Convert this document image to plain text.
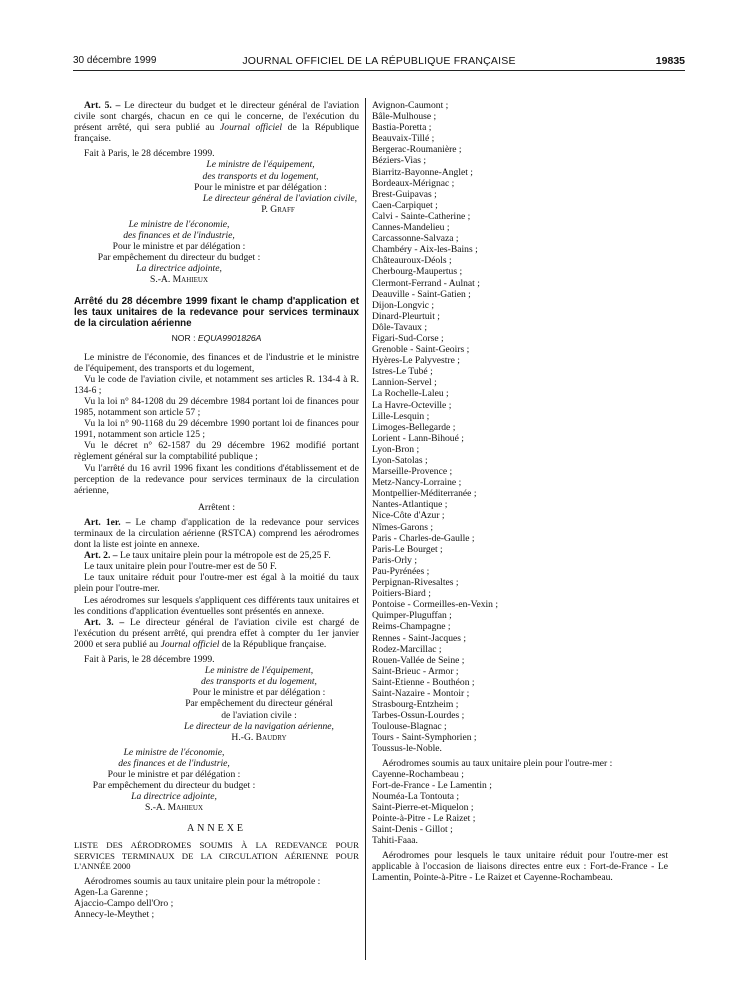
30 décembre 1999	JOURNAL OFFICIEL DE LA RÉPUBLIQUE FRANÇAISE	19835

Art. 5. – Le directeur du budget et le directeur général de l'aviation civile sont chargés, chacun en ce qui le concerne, de l'exécution du présent arrêté, qui sera publié au Journal officiel de la République française.

Fait à Paris, le 28 décembre 1999.

Le ministre de l'équipement,

des transports et du logement,

Pour le ministre et par délégation :

Le directeur général de l'aviation civile,

P. Graff

Le ministre de l'économie,

des finances et de l'industrie,

Pour le ministre et par délégation :

Par empêchement du directeur du budget :

La directrice adjointe,

S.-A. Mahieux

Arrêté du 28 décembre 1999 fixant le champ d'application et les taux unitaires de la redevance pour services terminaux de la circulation aérienne

NOR : EQUA9901826A

Le ministre de l'économie, des finances et de l'industrie et le ministre de l'équipement, des transports et du logement,

Vu le code de l'aviation civile, et notamment ses articles R. 134-4 à R. 134-6 ;

Vu la loi n° 84-1208 du 29 décembre 1984 portant loi de finances pour 1985, notamment son article 57 ;

Vu la loi n° 90-1168 du 29 décembre 1990 portant loi de finances pour 1991, notamment son article 125 ;

Vu le décret n° 62-1587 du 29 décembre 1962 modifié portant règlement général sur la comptabilité publique ;

Vu l'arrêté du 16 avril 1996 fixant les conditions d'établissement et de perception de la redevance pour services terminaux de la circulation aérienne,

Arrêtent :

Art. 1er. – Le champ d'application de la redevance pour services terminaux de la circulation aérienne (RSTCA) comprend les aérodromes dont la liste est jointe en annexe.

Art. 2. – Le taux unitaire plein pour la métropole est de 25,25 F.

Le taux unitaire plein pour l'outre-mer est de 50 F.

Le taux unitaire réduit pour l'outre-mer est égal à la moitié du taux plein pour l'outre-mer.

Les aérodromes sur lesquels s'appliquent ces différents taux unitaires et les conditions d'application éventuelles sont présentés en annexe.

Art. 3. – Le directeur général de l'aviation civile est chargé de l'exécution du présent arrêté, qui prendra effet à compter du 1er janvier 2000 et sera publié au Journal officiel de la République française.

Fait à Paris, le 28 décembre 1999.

Le ministre de l'équipement,

des transports et du logement,

Pour le ministre et par délégation :

Par empêchement du directeur général

de l'aviation civile :

Le directeur de la navigation aérienne,

H.-G. Baudry

Le ministre de l'économie,

des finances et de l'industrie,

Pour le ministre et par délégation :

Par empêchement du directeur du budget :

La directrice adjointe,

S.-A. Mahieux

ANNEXE

LISTE DES AÉRODROMES SOUMIS À LA REDEVANCE POUR SERVICES TERMINAUX DE LA CIRCULATION AÉRIENNE POUR L'ANNÉE 2000

Aérodromes soumis au taux unitaire plein pour la métropole :

Agen-La Garenne ;
Ajaccio-Campo dell'Oro ;
Annecy-le-Meythet ;
Avignon-Caumont ;
Bâle-Mulhouse ;
Bastia-Poretta ;
Beauvaix-Tillé ;
Bergerac-Roumanière ;
Béziers-Vias ;
Biarritz-Bayonne-Anglet ;
Bordeaux-Mérignac ;
Brest-Guipavas ;
Caen-Carpiquet ;
Calvi - Sainte-Catherine ;
Cannes-Mandelieu ;
Carcassonne-Salvaza ;
Chambéry - Aix-les-Bains ;
Châteauroux-Déols ;
Cherbourg-Maupertus ;
Clermont-Ferrand - Aulnat ;
Deauville - Saint-Gatien ;
Dijon-Longvic ;
Dinard-Pleurtuit ;
Dôle-Tavaux ;
Figari-Sud-Corse ;
Grenoble - Saint-Geoirs ;
Hyères-Le Palyvestre ;
Istres-Le Tubé ;
Lannion-Servel ;
La Rochelle-Laleu ;
La Havre-Octeville ;
Lille-Lesquin ;
Limoges-Bellegarde ;
Lorient - Lann-Bihoué ;
Lyon-Bron ;
Lyon-Satolas ;
Marseille-Provence ;
Metz-Nancy-Lorraine ;
Montpellier-Méditerranée ;
Nantes-Atlantique ;
Nice-Côte d'Azur ;
Nîmes-Garons ;
Paris - Charles-de-Gaulle ;
Paris-Le Bourget ;
Paris-Orly ;
Pau-Pyrénées ;
Perpignan-Rivesaltes ;
Poitiers-Biard ;
Pontoise - Cormeilles-en-Vexin ;
Quimper-Pluguffan ;
Reims-Champagne ;
Rennes - Saint-Jacques ;
Rodez-Marcillac ;
Rouen-Vallée de Seine ;
Saint-Brieuc - Armor ;
Saint-Etienne - Bouthéon ;
Saint-Nazaire - Montoir ;
Strasbourg-Entzheim ;
Tarbes-Ossun-Lourdes ;
Toulouse-Blagnac ;
Tours - Saint-Symphorien ;
Toussus-le-Noble.

Aérodromes soumis au taux unitaire plein pour l'outre-mer :

Cayenne-Rochambeau ;
Fort-de-France - Le Lamentin ;
Nouméa-La Tontouta ;
Saint-Pierre-et-Miquelon ;
Pointe-à-Pitre - Le Raizet ;
Saint-Denis - Gillot ;
Tahiti-Faaa.

Aérodromes pour lesquels le taux unitaire réduit pour l'outre-mer est applicable à l'occasion de liaisons directes entre eux : Fort-de-France - Le Lamentin, Pointe-à-Pitre - Le Raizet et Cayenne-Rochambeau.
